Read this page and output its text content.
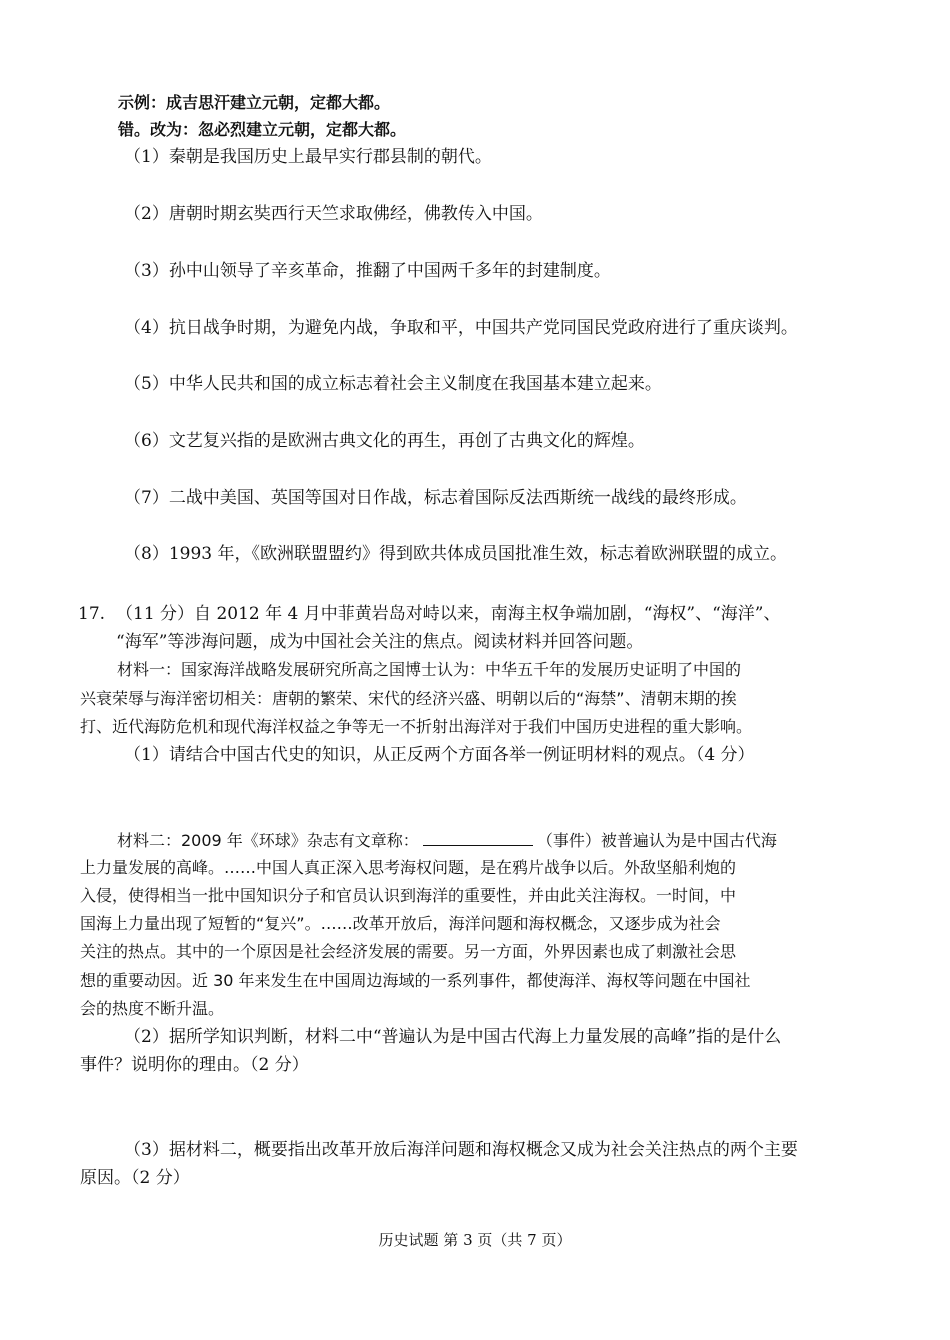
示例：成吉思汗建立元朝，定都大都。
错。改为：忽必烈建立元朝，定都大都。
（1）秦朝是我国历史上最早实行郡县制的朝代。
（2）唐朝时期玄奘西行天竺求取佛经，佛教传入中国。
（3）孙中山领导了辛亥革命，推翻了中国两千多年的封建制度。
（4）抗日战争时期，为避免内战，争取和平，中国共产党同国民党政府进行了重庆谈判。
（5）中华人民共和国的成立标志着社会主义制度在我国基本建立起来。
（6）文艺复兴指的是欧洲古典文化的再生，再创了古典文化的辉煌。
（7）二战中美国、英国等国对日作战，标志着国际反法西斯统一战线的最终形成。
（8）1993 年，《欧洲联盟盟约》得到欧共体成员国批准生效，标志着欧洲联盟的成立。
17. （11 分）自 2012 年 4 月中菲黄岩岛对峙以来，南海主权争端加剧，“海权”、“海洋”、
“海军”等涉海问题，成为中国社会关注的焦点。阅读材料并回答问题。
材料一：国家海洋战略发展研究所高之国博士认为：中华五千年的发展历史证明了中国的
兴衰荣辱与海洋密切相关：唐朝的繁荣、宋代的经济兴盛、明朝以后的“海禁”、清朝末期的挨
打、近代海防危机和现代海洋权益之争等无一不折射出海洋对于我们中国历史进程的重大影响。
（1）请结合中国古代史的知识，从正反两个方面各举一例证明材料的观点。（4 分）
材料二：2009 年《环球》杂志有文章称：	（事件）被普遍认为是中国古代海
上力量发展的高峰。……中国人真正深入思考海权问题，是在鸦片战争以后。外敌坚船利炮的
入侵，使得相当一批中国知识分子和官员认识到海洋的重要性，并由此关注海权。一时间，中
国海上力量出现了短暂的“复兴”。……改革开放后，海洋问题和海权概念，又逐步成为社会
关注的热点。其中的一个原因是社会经济发展的需要。另一方面，外界因素也成了刺激社会思
想的重要动因。近 30 年来发生在中国周边海域的一系列事件，都使海洋、海权等问题在中国社
会的热度不断升温。
（2）据所学知识判断，材料二中“普遍认为是中国古代海上力量发展的高峰”指的是什么
事件？说明你的理由。（2 分）
（3）据材料二，概要指出改革开放后海洋问题和海权概念又成为社会关注热点的两个主要
原因。（2 分）
历史试题 第 3 页（共 7 页）
